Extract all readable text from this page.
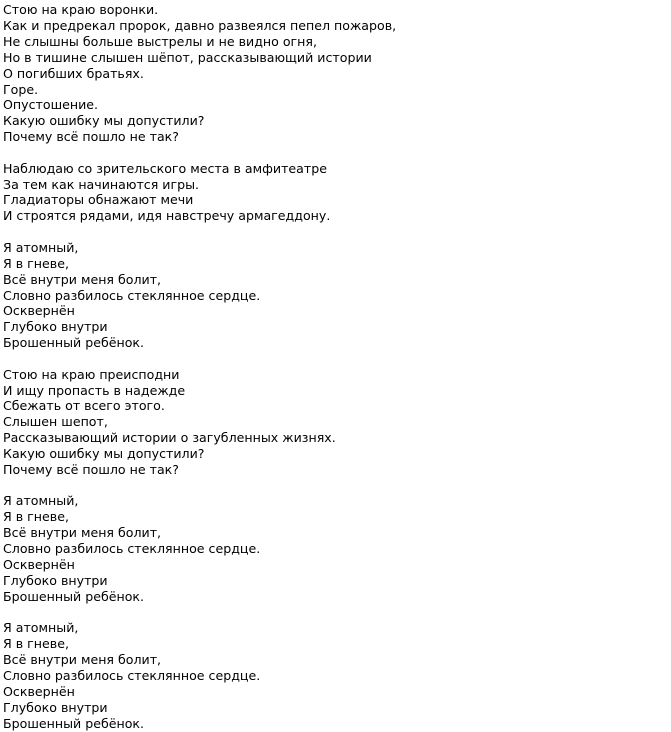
Стою на краю воронки.
Как и предрекал пророк, давно развеялся пепел пожаров,
Не слышны больше выстрелы и не видно огня,
Но в тишине слышен шёпот, рассказывающий истории
О погибших братьях.
Горе.
Опустошение.
Какую ошибку мы допустили?
Почему всё пошло не так?
Наблюдаю со зрительского места в амфитеатре
За тем как начинаются игры.
Гладиаторы обнажают мечи
И строятся рядами, идя навстречу армагеддону.
Я атомный,
Я в гневе,
Всё внутри меня болит,
Словно разбилось стеклянное сердце.
Осквернён
Глубоко внутри
Брошенный ребёнок.
Стою на краю преисподни
И ищу пропасть в надежде
Сбежать от всего этого.
Слышен шепот,
Рассказывающий истории о загубленных жизнях.
Какую ошибку мы допустили?
Почему всё пошло не так?
Я атомный,
Я в гневе,
Всё внутри меня болит,
Словно разбилось стеклянное сердце.
Осквернён
Глубоко внутри
Брошенный ребёнок.
Я атомный,
Я в гневе,
Всё внутри меня болит,
Словно разбилось стеклянное сердце.
Осквернён
Глубоко внутри
Брошенный ребёнок.
